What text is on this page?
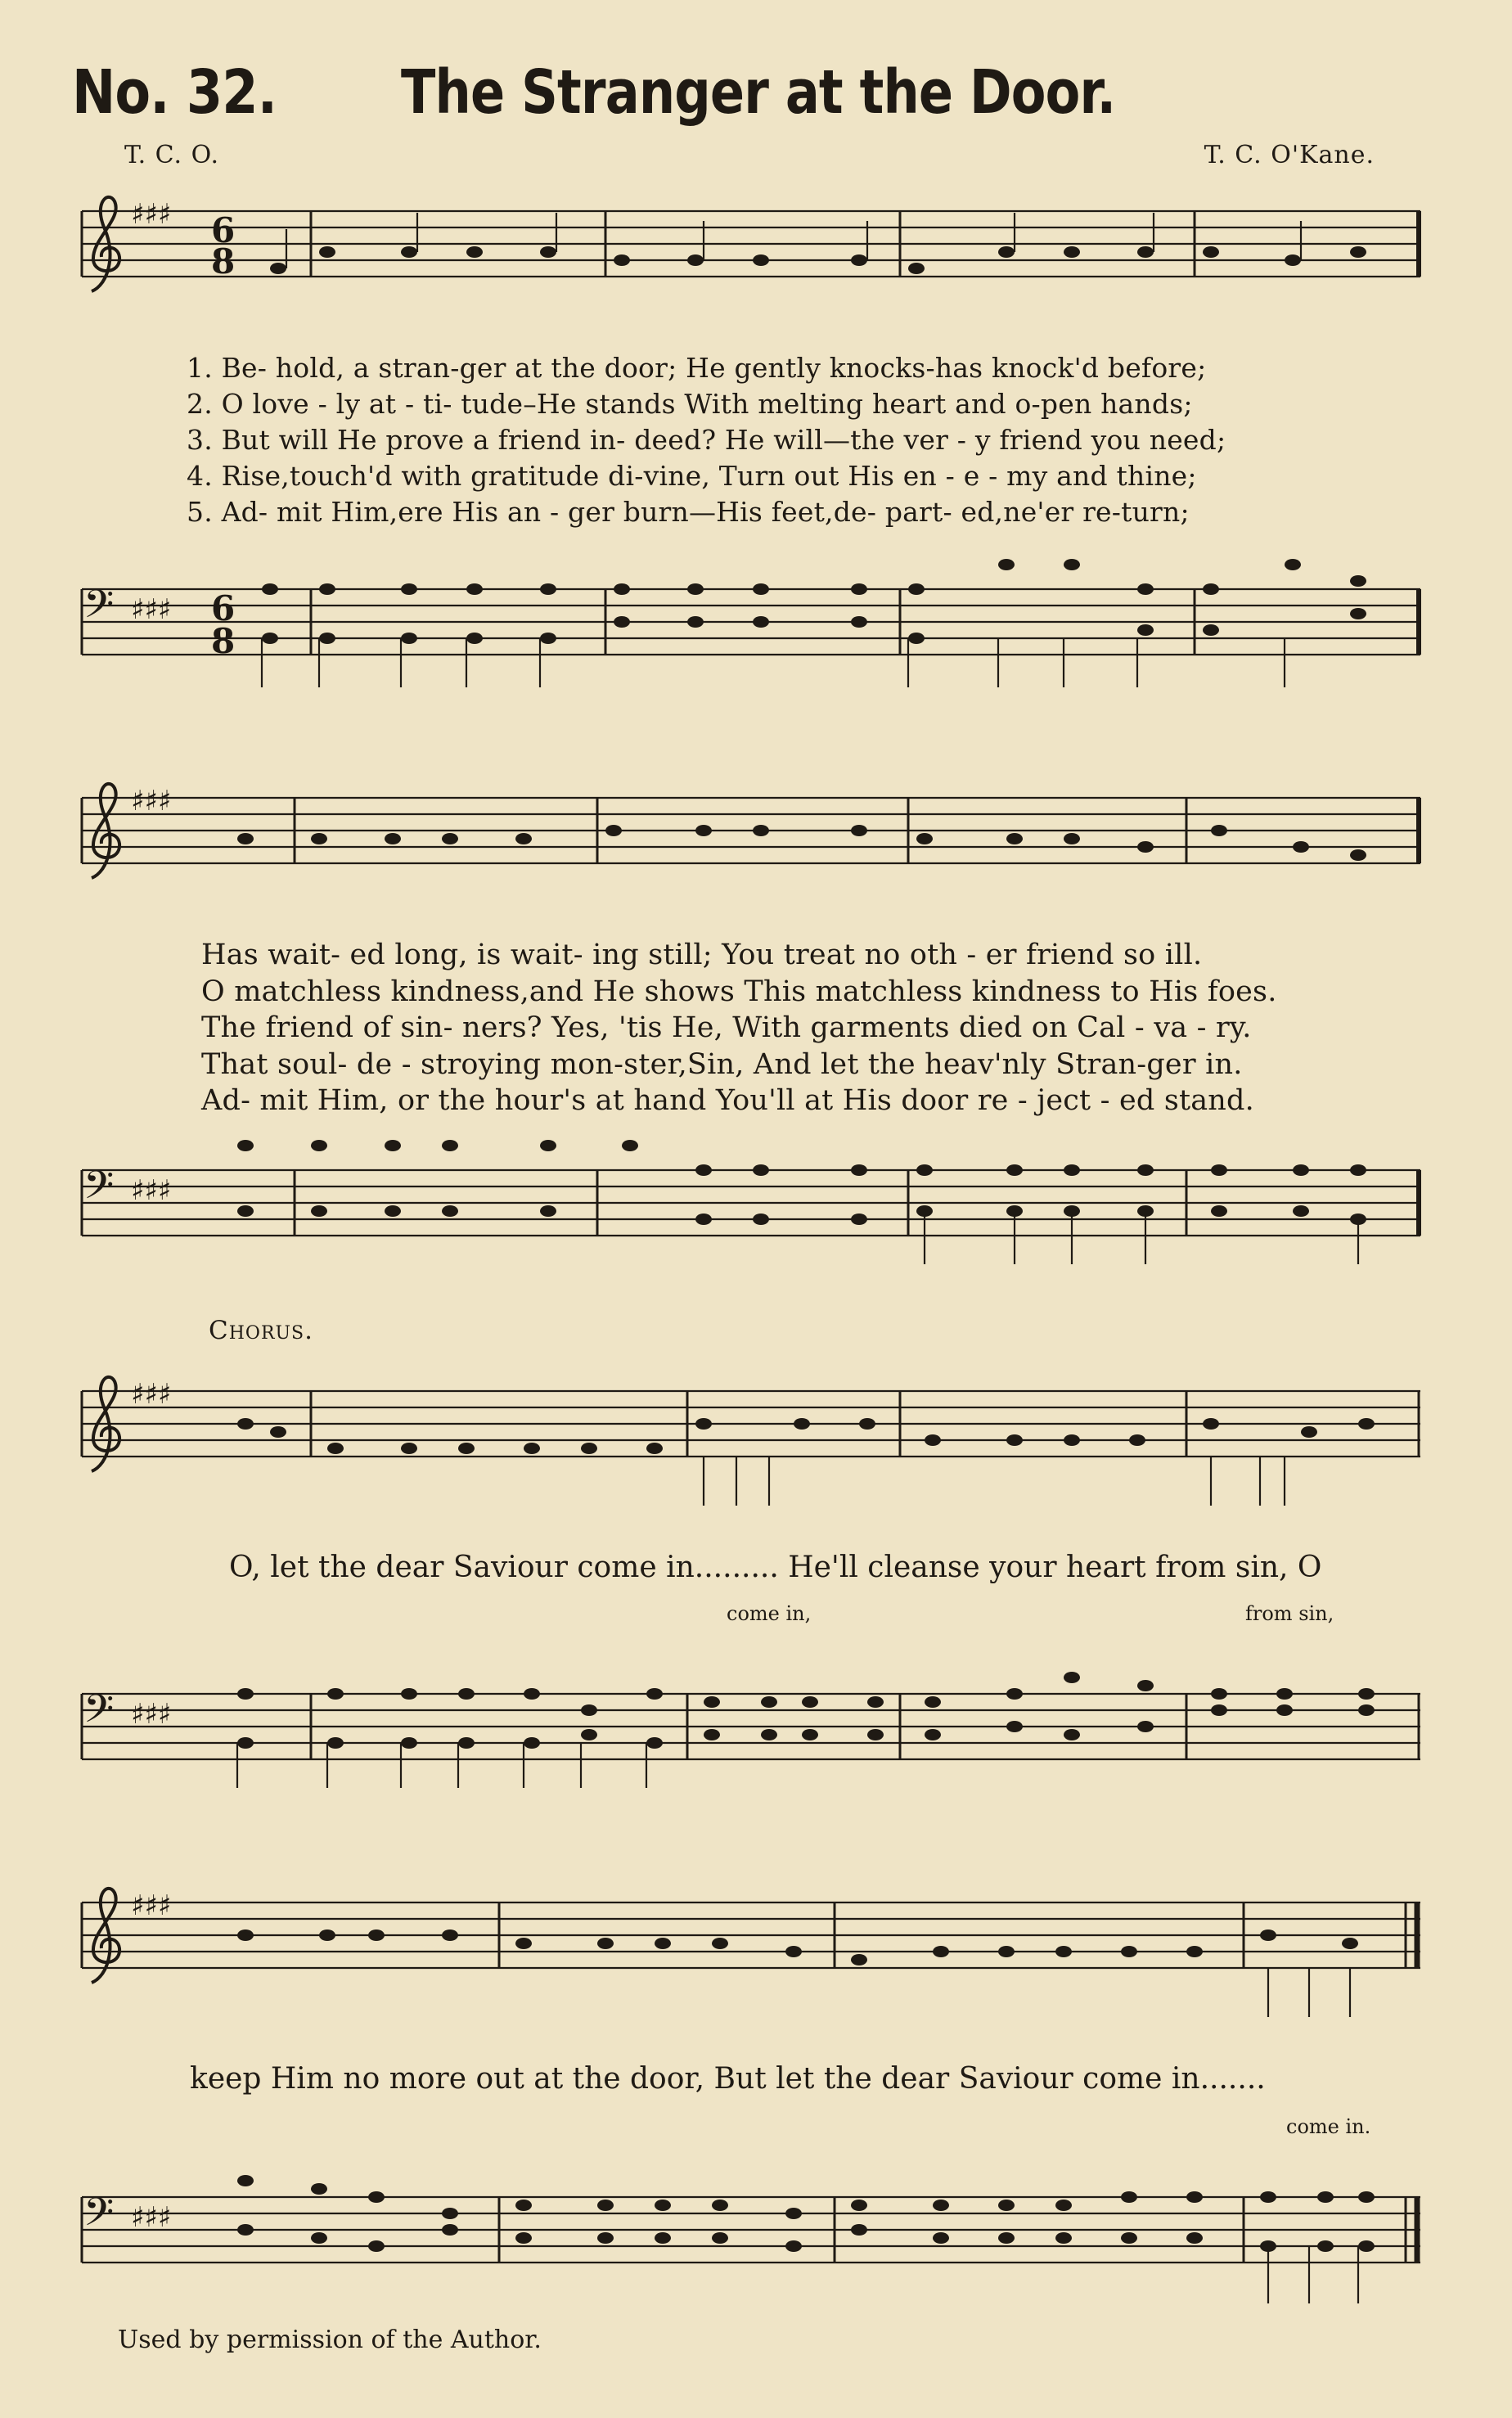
No. 32. The Stranger at the Door.
T. C. O.	T. C. O'Kane.
♯♯♯ 6
8
1. Be- hold, a stran-ger at the door; He gently knocks-has knock'd before;
2. O love - ly at - ti- tude–He stands With melting heart and o-pen hands;
3. But will He prove a friend in- deed? He will—the ver - y friend you need;
4. Rise,touch'd with gratitude di-vine, Turn out His en - e - my and thine;
5. Ad- mit Him,ere His an - ger burn—His feet,de- part- ed,ne'er re-turn;
𝄢 ♯♯♯ 6
8
♯♯♯
Has wait- ed long, is wait- ing still; You treat no oth - er friend so ill.
O matchless kindness,and He shows This matchless kindness to His foes.
The friend of sin- ners? Yes, 'tis He, With garments died on Cal - va - ry.
That soul- de - stroying mon-ster,Sin, And let the heav'nly Stran-ger in.
Ad- mit Him, or the hour's at hand You'll at His door re - ject - ed stand.
𝄢 ♯♯♯
Chorus.
♯♯♯
O, let the dear Saviour come in......... He'll cleanse your heart from sin, O
come in,	from sin,
𝄢 ♯♯♯
♯♯♯
keep Him no more out at the door, But let the dear Saviour come in.......
come in.
𝄢 ♯♯♯
Used by permission of the Author.
